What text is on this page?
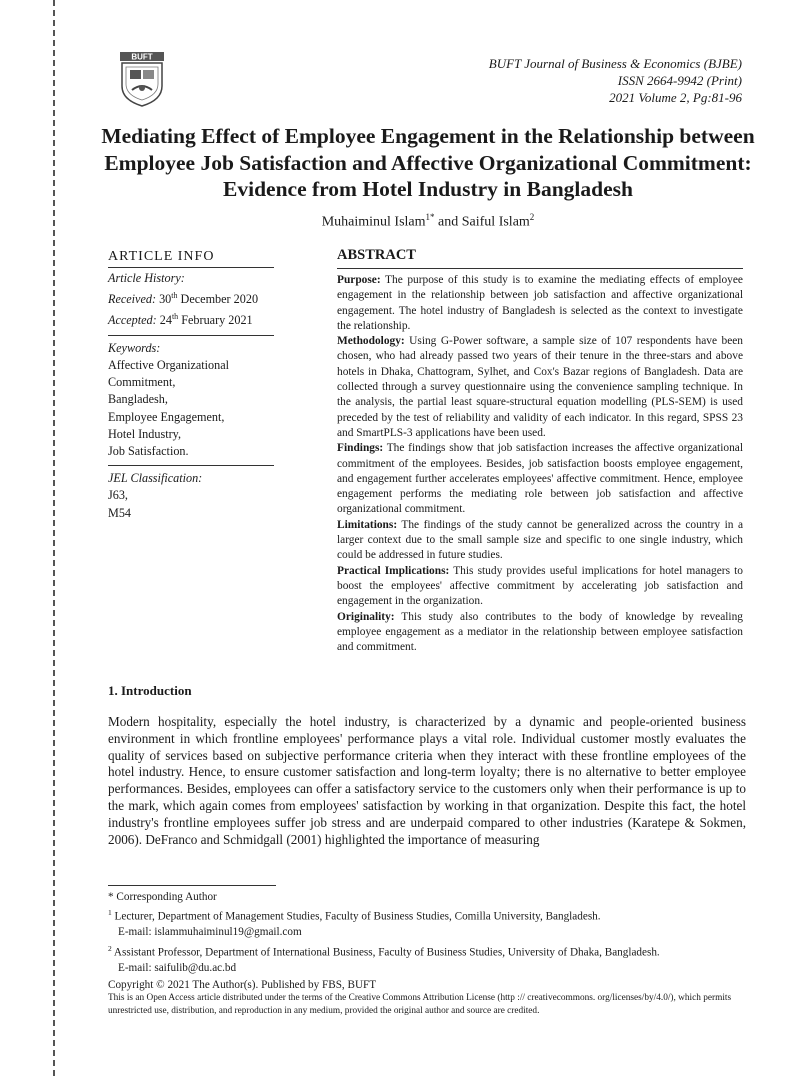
BUFT	BUFT Journal of Business & Economics (BJBE)
ISSN 2664-9942 (Print)
2021 Volume 2, Pg:81-96
Mediating Effect of Employee Engagement in the Relationship between Employee Job Satisfaction and Affective Organizational Commitment: Evidence from Hotel Industry in Bangladesh
Muhaiminul Islam$^{1*}$ and Saiful Islam$^2$
ARTICLE INFO
Article History:
Received: 30th December 2020
Accepted: 24th February 2021
Keywords:
Affective Organizational
Commitment,
Bangladesh,
Employee Engagement,
Hotel Industry,
Job Satisfaction.
JEL Classification:
J63,
M54
ABSTRACT
Purpose: The purpose of this study is to examine the mediating effects of employee engagement in the relationship between job satisfaction and affective organizational engagement. The hotel industry of Bangladesh is selected as the context to investigate the relationship.
Methodology: Using G-Power software, a sample size of 107 respondents have been chosen, who had already passed two years of their tenure in the three-stars and above hotels in Dhaka, Chattogram, Sylhet, and Cox's Bazar regions of Bangladesh. Data are collected through a survey questionnaire using the convenience sampling technique. In the analysis, the partial least square-structural equation modelling (PLS-SEM) is used preceded by the test of reliability and validity of each indicator. In this regard, SPSS 23 and SmartPLS-3 applications have been used.
Findings: The findings show that job satisfaction increases the affective organizational commitment of the employees. Besides, job satisfaction boosts employee engagement, and engagement further accelerates employees' affective commitment. Hence, employee engagement performs the mediating role between job satisfaction and affective organizational commitment.
Limitations: The findings of the study cannot be generalized across the country in a larger context due to the small sample size and specific to one single industry, which could be addressed in future studies.
Practical Implications: This study provides useful implications for hotel managers to boost the employees' affective commitment by accelerating job satisfaction and engagement in the organization.
Originality: This study also contributes to the body of knowledge by revealing employee engagement as a mediator in the relationship between employee satisfaction and commitment.
1. Introduction
Modern hospitality, especially the hotel industry, is characterized by a dynamic and people-oriented business environment in which frontline employees' performance plays a vital role. Individual customer mostly evaluates the quality of services based on subjective performance criteria when they interact with these frontline employees of the hotel industry. Hence, to ensure customer satisfaction and long-term loyalty; there is no alternative to better employee performances. Besides, employees can offer a satisfactory service to the customers only when their performance is up to the mark, which again comes from employees' satisfaction by working in that organization. Despite this fact, the hotel industry's frontline employees suffer job stress and are underpaid compared to other industries (Karatepe & Sokmen, 2006). DeFranco and Schmidgall (2001) highlighted the importance of measuring
* Corresponding Author
$^1$ Lecturer, Department of Management Studies, Faculty of Business Studies, Comilla University, Bangladesh.
E-mail: islammuhaiminul19@gmail.com
$^2$ Assistant Professor, Department of International Business, Faculty of Business Studies, University of Dhaka, Bangladesh.
E-mail: saifulib@du.ac.bd
Copyright © 2021 The Author(s). Published by FBS, BUFT
This is an Open Access article distributed under the terms of the Creative Commons Attribution License (http :// creativecommons. org/licenses/by/4.0/), which permits unrestricted use, distribution, and reproduction in any medium, provided the original author and source are credited.
